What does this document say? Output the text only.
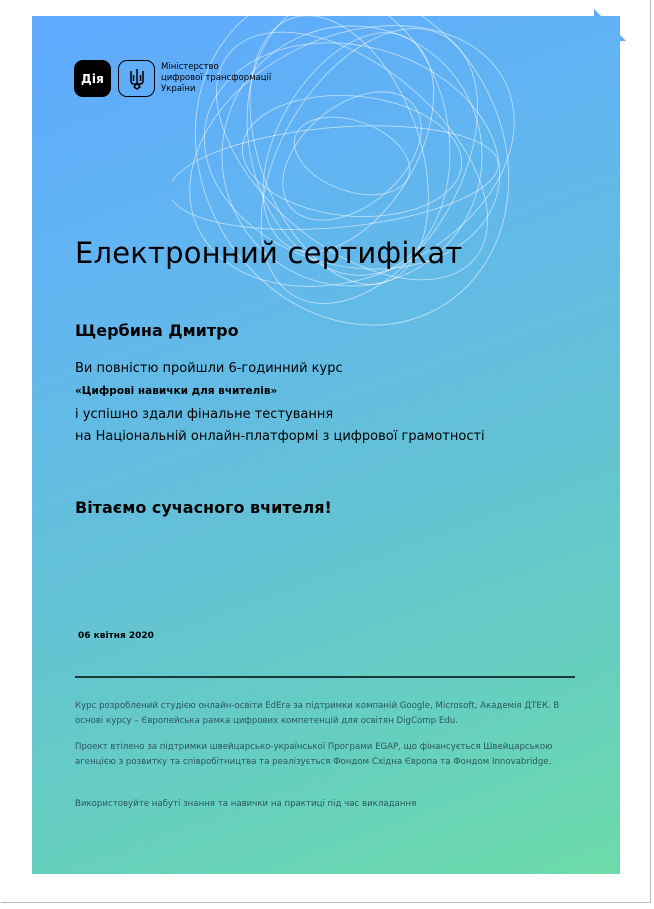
Дія
Міністерство
цифрової трансформації
України
Електронний сертифікат
Щербина Дмитро
Ви повністю пройшли 6-годинний курс
«Цифрові навички для вчителів»
і успішно здали фінальне тестування
на Національній онлайн-платформі з цифрової грамотності
Вітаємо сучасного вчителя!
06 квітня 2020
Курс розроблений студією онлайн-освіти EdEra за підтримки компаній Google, Microsoft, Академія ДТЕК. В основі курсу – Європейська рамка цифрових компетенцій для освітян DigComp Edu.
Проект втілено за підтримки швейцарсько-української Програми EGAP, що фінансується Швейцарською агенцією з розвитку та співробітництва та реалізується Фондом Східна Європа та Фондом Innovabridge.
Використовуйте набуті знання та навички на практиці під час викладання
